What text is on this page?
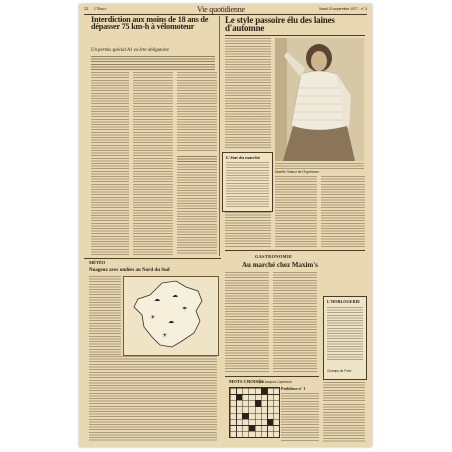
22 L'Alsace	Vie quotidienne	Mardi 20 septembre 1977 - n° 3
Interdiction aux moins de 18 ans de dépasser 75 km-h à vélomoteur
Un permis spécial A1 va être obligatoire
L'état du marché
Le style passoire élu des laines d'automne
Modèle Filature de l'Espérance
MÉTÉO
Nuageux avec ondées au Nord du Sud
☁
☁
☂
☀
☁
☀
GASTRONOMIE
Au marché chez Maxim's
L'HORLOGERIE
Champs de Foire
MOTS CROISÉS
par Jacques Capelovici
Problème n° 1
